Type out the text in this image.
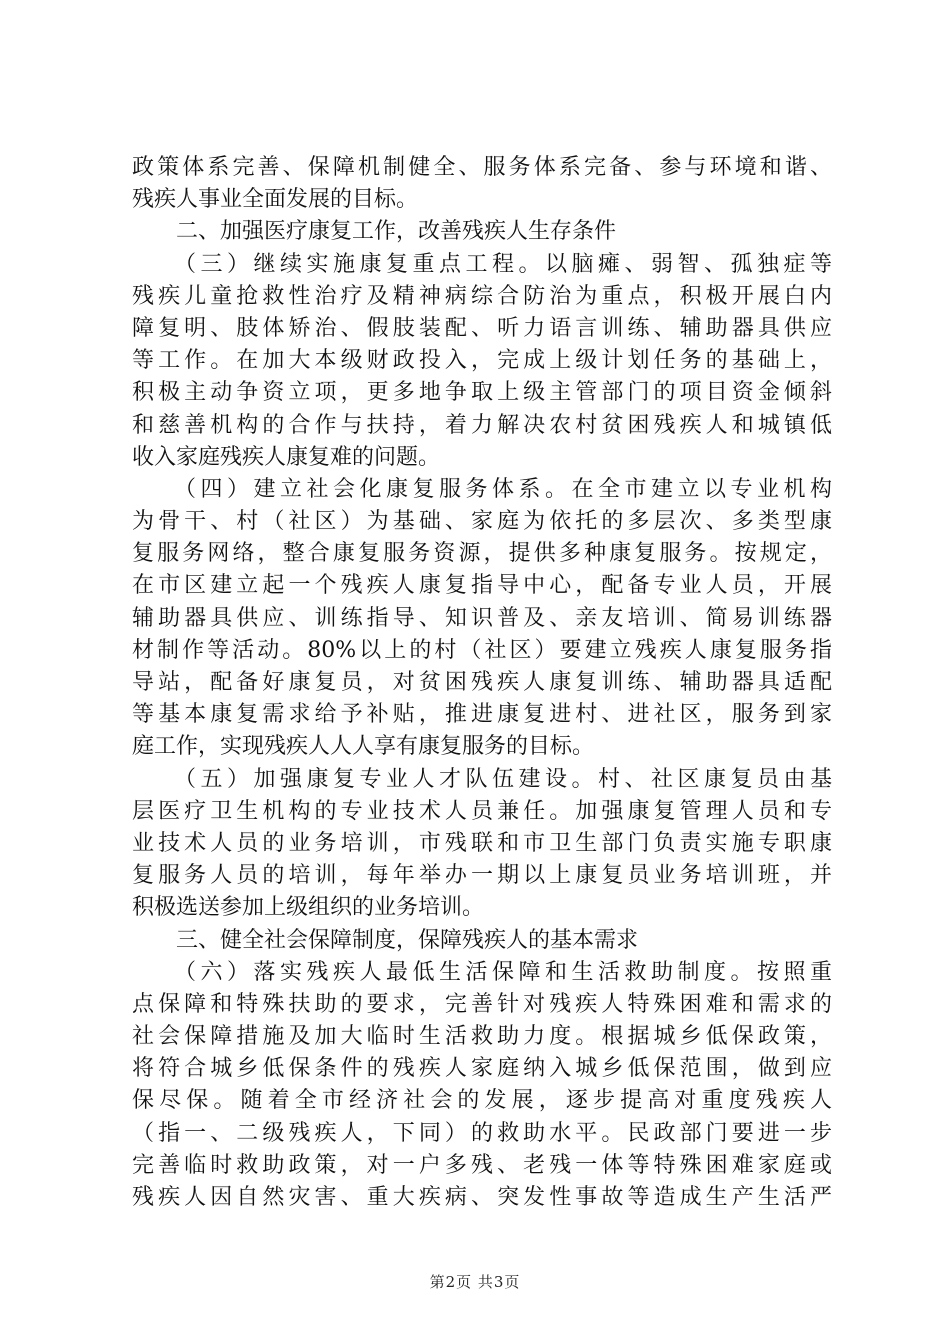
政策体系完善、保障机制健全、服务体系完备、参与环境和谐、
残疾人事业全面发展的目标。
　　二、加强医疗康复工作，改善残疾人生存条件
　　（三）继续实施康复重点工程。以脑瘫、弱智、孤独症等
残疾儿童抢救性治疗及精神病综合防治为重点，积极开展白内
障复明、肢体矫治、假肢装配、听力语言训练、辅助器具供应
等工作。在加大本级财政投入，完成上级计划任务的基础上，
积极主动争资立项，更多地争取上级主管部门的项目资金倾斜
和慈善机构的合作与扶持，着力解决农村贫困残疾人和城镇低
收入家庭残疾人康复难的问题。
　　（四）建立社会化康复服务体系。在全市建立以专业机构
为骨干、村（社区）为基础、家庭为依托的多层次、多类型康
复服务网络，整合康复服务资源，提供多种康复服务。按规定，
在市区建立起一个残疾人康复指导中心，配备专业人员，开展
辅助器具供应、训练指导、知识普及、亲友培训、简易训练器
材制作等活动。80%以上的村（社区）要建立残疾人康复服务指
导站，配备好康复员，对贫困残疾人康复训练、辅助器具适配
等基本康复需求给予补贴，推进康复进村、进社区，服务到家
庭工作，实现残疾人人人享有康复服务的目标。
　　（五）加强康复专业人才队伍建设。村、社区康复员由基
层医疗卫生机构的专业技术人员兼任。加强康复管理人员和专
业技术人员的业务培训，市残联和市卫生部门负责实施专职康
复服务人员的培训，每年举办一期以上康复员业务培训班，并
积极选送参加上级组织的业务培训。
　　三、健全社会保障制度，保障残疾人的基本需求
　　（六）落实残疾人最低生活保障和生活救助制度。按照重
点保障和特殊扶助的要求，完善针对残疾人特殊困难和需求的
社会保障措施及加大临时生活救助力度。根据城乡低保政策，
将符合城乡低保条件的残疾人家庭纳入城乡低保范围，做到应
保尽保。随着全市经济社会的发展，逐步提高对重度残疾人
（指一、二级残疾人，下同）的救助水平。民政部门要进一步
完善临时救助政策，对一户多残、老残一体等特殊困难家庭或
残疾人因自然灾害、重大疾病、突发性事故等造成生产生活严
第2页 共3页
